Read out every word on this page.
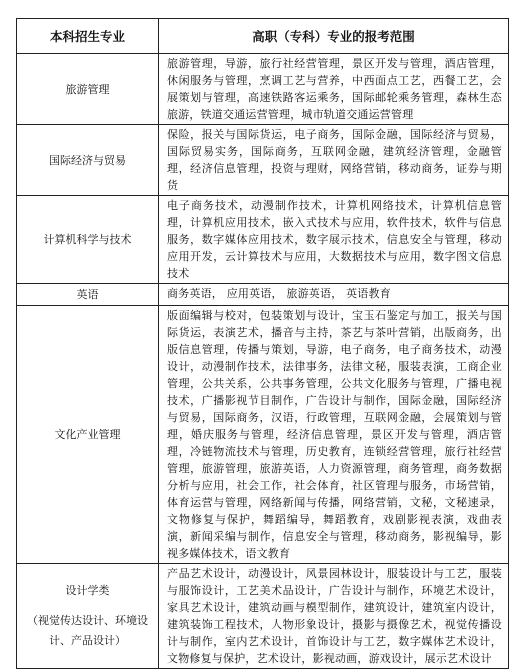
本科招生专业	高职（专科）专业的报考范围
旅游管理	旅游管理，导游，旅行社经营管理，景区开发与管理，酒店管理，休闲服务与管理，烹调工艺与营养，中西面点工艺，西餐工艺，会展策划与管理，高速铁路客运乘务，国际邮轮乘务管理，森林生态旅游，铁道交通运营管理，城市轨道交通运营管理
国际经济与贸易	保险，报关与国际货运，电子商务，国际金融，国际经济与贸易，国际贸易实务，国际商务，互联网金融，建筑经济管理，金融管理，经济信息管理，投资与理财，网络营销，移动商务，证券与期货
计算机科学与技术	电子商务技术，动漫制作技术，计算机网络技术，计算机信息管理，计算机应用技术，嵌入式技术与应用，软件技术，软件与信息服务，数字媒体应用技术，数字展示技术，信息安全与管理，移动应用开发，云计算技术与应用，大数据技术与应用，数字图文信息技术
英语	商务英语， 应用英语， 旅游英语， 英语教育
文化产业管理	版面编辑与校对，包装策划与设计，宝玉石鉴定与加工，报关与国际货运，表演艺术，播音与主持，茶艺与茶叶营销，出版商务，出版信息管理，传播与策划，导游，电子商务，电子商务技术，动漫设计，动漫制作技术，法律事务，法律文秘，服装表演，工商企业管理，公共关系，公共事务管理，公共文化服务与管理，广播电视技术，广播影视节目制作，广告设计与制作，国际金融，国际经济与贸易，国际商务，汉语，行政管理，互联网金融，会展策划与管理，婚庆服务与管理，经济信息管理，景区开发与管理，酒店管理，冷链物流技术与管理，历史教育，连锁经营管理，旅行社经营管理，旅游管理，旅游英语，人力资源管理，商务管理，商务数据分析与应用，社会工作，社会体育，社区管理与服务，市场营销，体育运营与管理，网络新闻与传播，网络营销，文秘，文秘速录，文物修复与保护，舞蹈编导，舞蹈教育，戏剧影视表演，戏曲表演，新闻采编与制作，信息安全与管理，移动商务，影视编导，影视多媒体技术，语文教育

设计学类
（视觉传达设计、环境设计、产品设计）	产品艺术设计，动漫设计，风景园林设计，服装设计与工艺，服装与服饰设计，工艺美术品设计，广告设计与制作，环境艺术设计，家具艺术设计，建筑动画与模型制作，建筑设计，建筑室内设计，建筑装饰工程技术，人物形象设计，摄影与摄像艺术，视觉传播设计与制作，室内艺术设计，首饰设计与工艺，数字媒体艺术设计，文物修复与保护，艺术设计，影视动画，游戏设计，展示艺术设计
